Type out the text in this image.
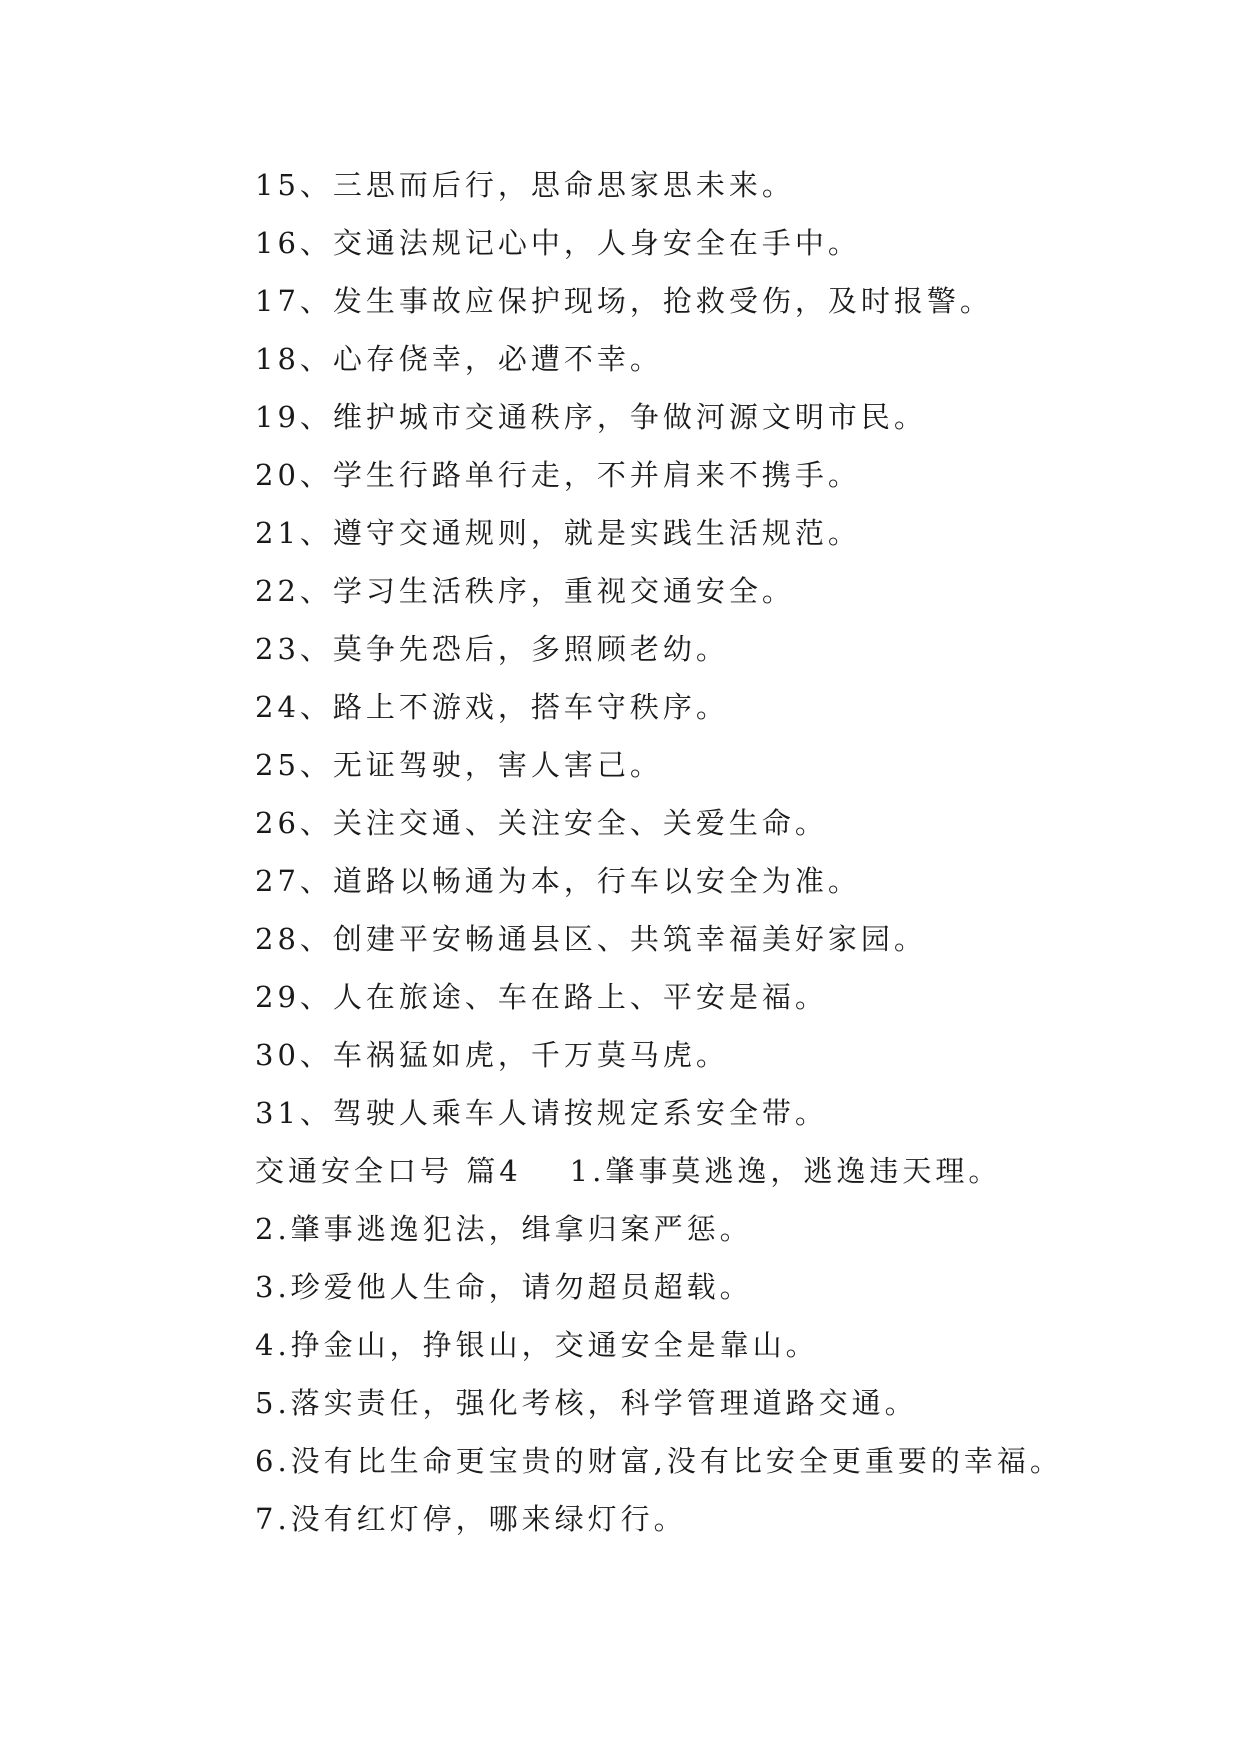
15、三思而后行，思命思家思未来。
16、交通法规记心中，人身安全在手中。
17、发生事故应保护现场，抢救受伤，及时报警。
18、心存侥幸，必遭不幸。
19、维护城市交通秩序，争做河源文明市民。
20、学生行路单行走，不并肩来不携手。
21、遵守交通规则，就是实践生活规范。
22、学习生活秩序，重视交通安全。
23、莫争先恐后，多照顾老幼。
24、路上不游戏，搭车守秩序。
25、无证驾驶，害人害己。
26、关注交通、关注安全、关爱生命。
27、道路以畅通为本，行车以安全为准。
28、创建平安畅通县区、共筑幸福美好家园。
29、人在旅途、车在路上、平安是福。
30、车祸猛如虎，千万莫马虎。
31、驾驶人乘车人请按规定系安全带。
交通安全口号 篇4 1.肇事莫逃逸，逃逸违天理。
2.肇事逃逸犯法，缉拿归案严惩。
3.珍爱他人生命，请勿超员超载。
4.挣金山，挣银山，交通安全是靠山。
5.落实责任，强化考核，科学管理道路交通。
6.没有比生命更宝贵的财富,没有比安全更重要的幸福。
7.没有红灯停，哪来绿灯行。
